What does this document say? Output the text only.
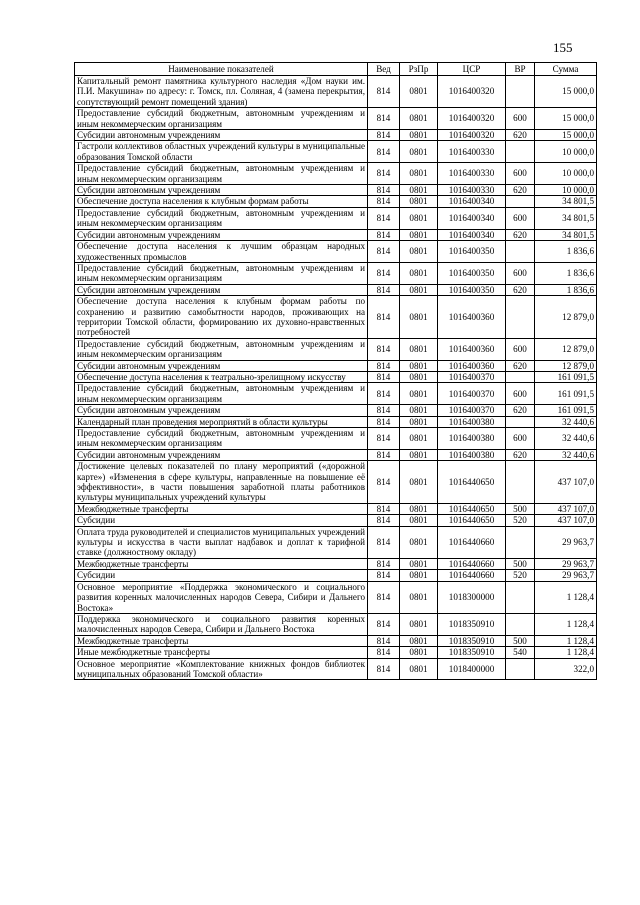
155
Наименование показателей	Вед	РзПр	ЦСР	ВР	Сумма
Капитальный ремонт памятника культурного наследия «Дом науки им. П.И. Макушина» по адресу: г. Томск, пл. Соляная, 4 (замена перекрытия, сопутствующий ремонт помещений здания)	814	0801	1016400320		15 000,0
Предоставление субсидий бюджетным, автономным учреждениям и иным некоммерческим организациям	814	0801	1016400320	600	15 000,0
Субсидии автономным учреждениям	814	0801	1016400320	620	15 000,0
Гастроли коллективов областных учреждений культуры в муниципальные образования Томской области	814	0801	1016400330		10 000,0
Предоставление субсидий бюджетным, автономным учреждениям и иным некоммерческим организациям	814	0801	1016400330	600	10 000,0
Субсидии автономным учреждениям	814	0801	1016400330	620	10 000,0
Обеспечение доступа населения к клубным формам работы	814	0801	1016400340		34 801,5
Предоставление субсидий бюджетным, автономным учреждениям и иным некоммерческим организациям	814	0801	1016400340	600	34 801,5
Субсидии автономным учреждениям	814	0801	1016400340	620	34 801,5
Обеспечение доступа населения к лучшим образцам народных художественных промыслов	814	0801	1016400350		1 836,6
Предоставление субсидий бюджетным, автономным учреждениям и иным некоммерческим организациям	814	0801	1016400350	600	1 836,6
Субсидии автономным учреждениям	814	0801	1016400350	620	1 836,6
Обеспечение доступа населения к клубным формам работы по сохранению и развитию самобытности народов, проживающих на территории Томской области, формированию их духовно-нравственных потребностей	814	0801	1016400360		12 879,0
Предоставление субсидий бюджетным, автономным учреждениям и иным некоммерческим организациям	814	0801	1016400360	600	12 879,0
Субсидии автономным учреждениям	814	0801	1016400360	620	12 879,0
Обеспечение доступа населения к театрально-зрелищному искусству	814	0801	1016400370		161 091,5
Предоставление субсидий бюджетным, автономным учреждениям и иным некоммерческим организациям	814	0801	1016400370	600	161 091,5
Субсидии автономным учреждениям	814	0801	1016400370	620	161 091,5
Календарный план проведения мероприятий в области культуры	814	0801	1016400380		32 440,6
Предоставление субсидий бюджетным, автономным учреждениям и иным некоммерческим организациям	814	0801	1016400380	600	32 440,6
Субсидии автономным учреждениям	814	0801	1016400380	620	32 440,6
Достижение целевых показателей по плану мероприятий («дорожной карте») «Изменения в сфере культуры, направленные на повышение её эффективности», в части повышения заработной платы работников культуры муниципальных учреждений культуры	814	0801	1016440650		437 107,0
Межбюджетные трансферты	814	0801	1016440650	500	437 107,0
Субсидии	814	0801	1016440650	520	437 107,0
Оплата труда руководителей и специалистов муниципальных учреждений культуры и искусства в части выплат надбавок и доплат к тарифной ставке (должностному окладу)	814	0801	1016440660		29 963,7
Межбюджетные трансферты	814	0801	1016440660	500	29 963,7
Субсидии	814	0801	1016440660	520	29 963,7
Основное мероприятие «Поддержка экономического и социального развития коренных малочисленных народов Севера, Сибири и Дальнего Востока»	814	0801	1018300000		1 128,4
Поддержка экономического и социального развития коренных малочисленных народов Севера, Сибири и Дальнего Востока	814	0801	1018350910		1 128,4
Межбюджетные трансферты	814	0801	1018350910	500	1 128,4
Иные межбюджетные трансферты	814	0801	1018350910	540	1 128,4
Основное мероприятие «Комплектование книжных фондов библиотек муниципальных образований Томской области»	814	0801	1018400000		322,0
